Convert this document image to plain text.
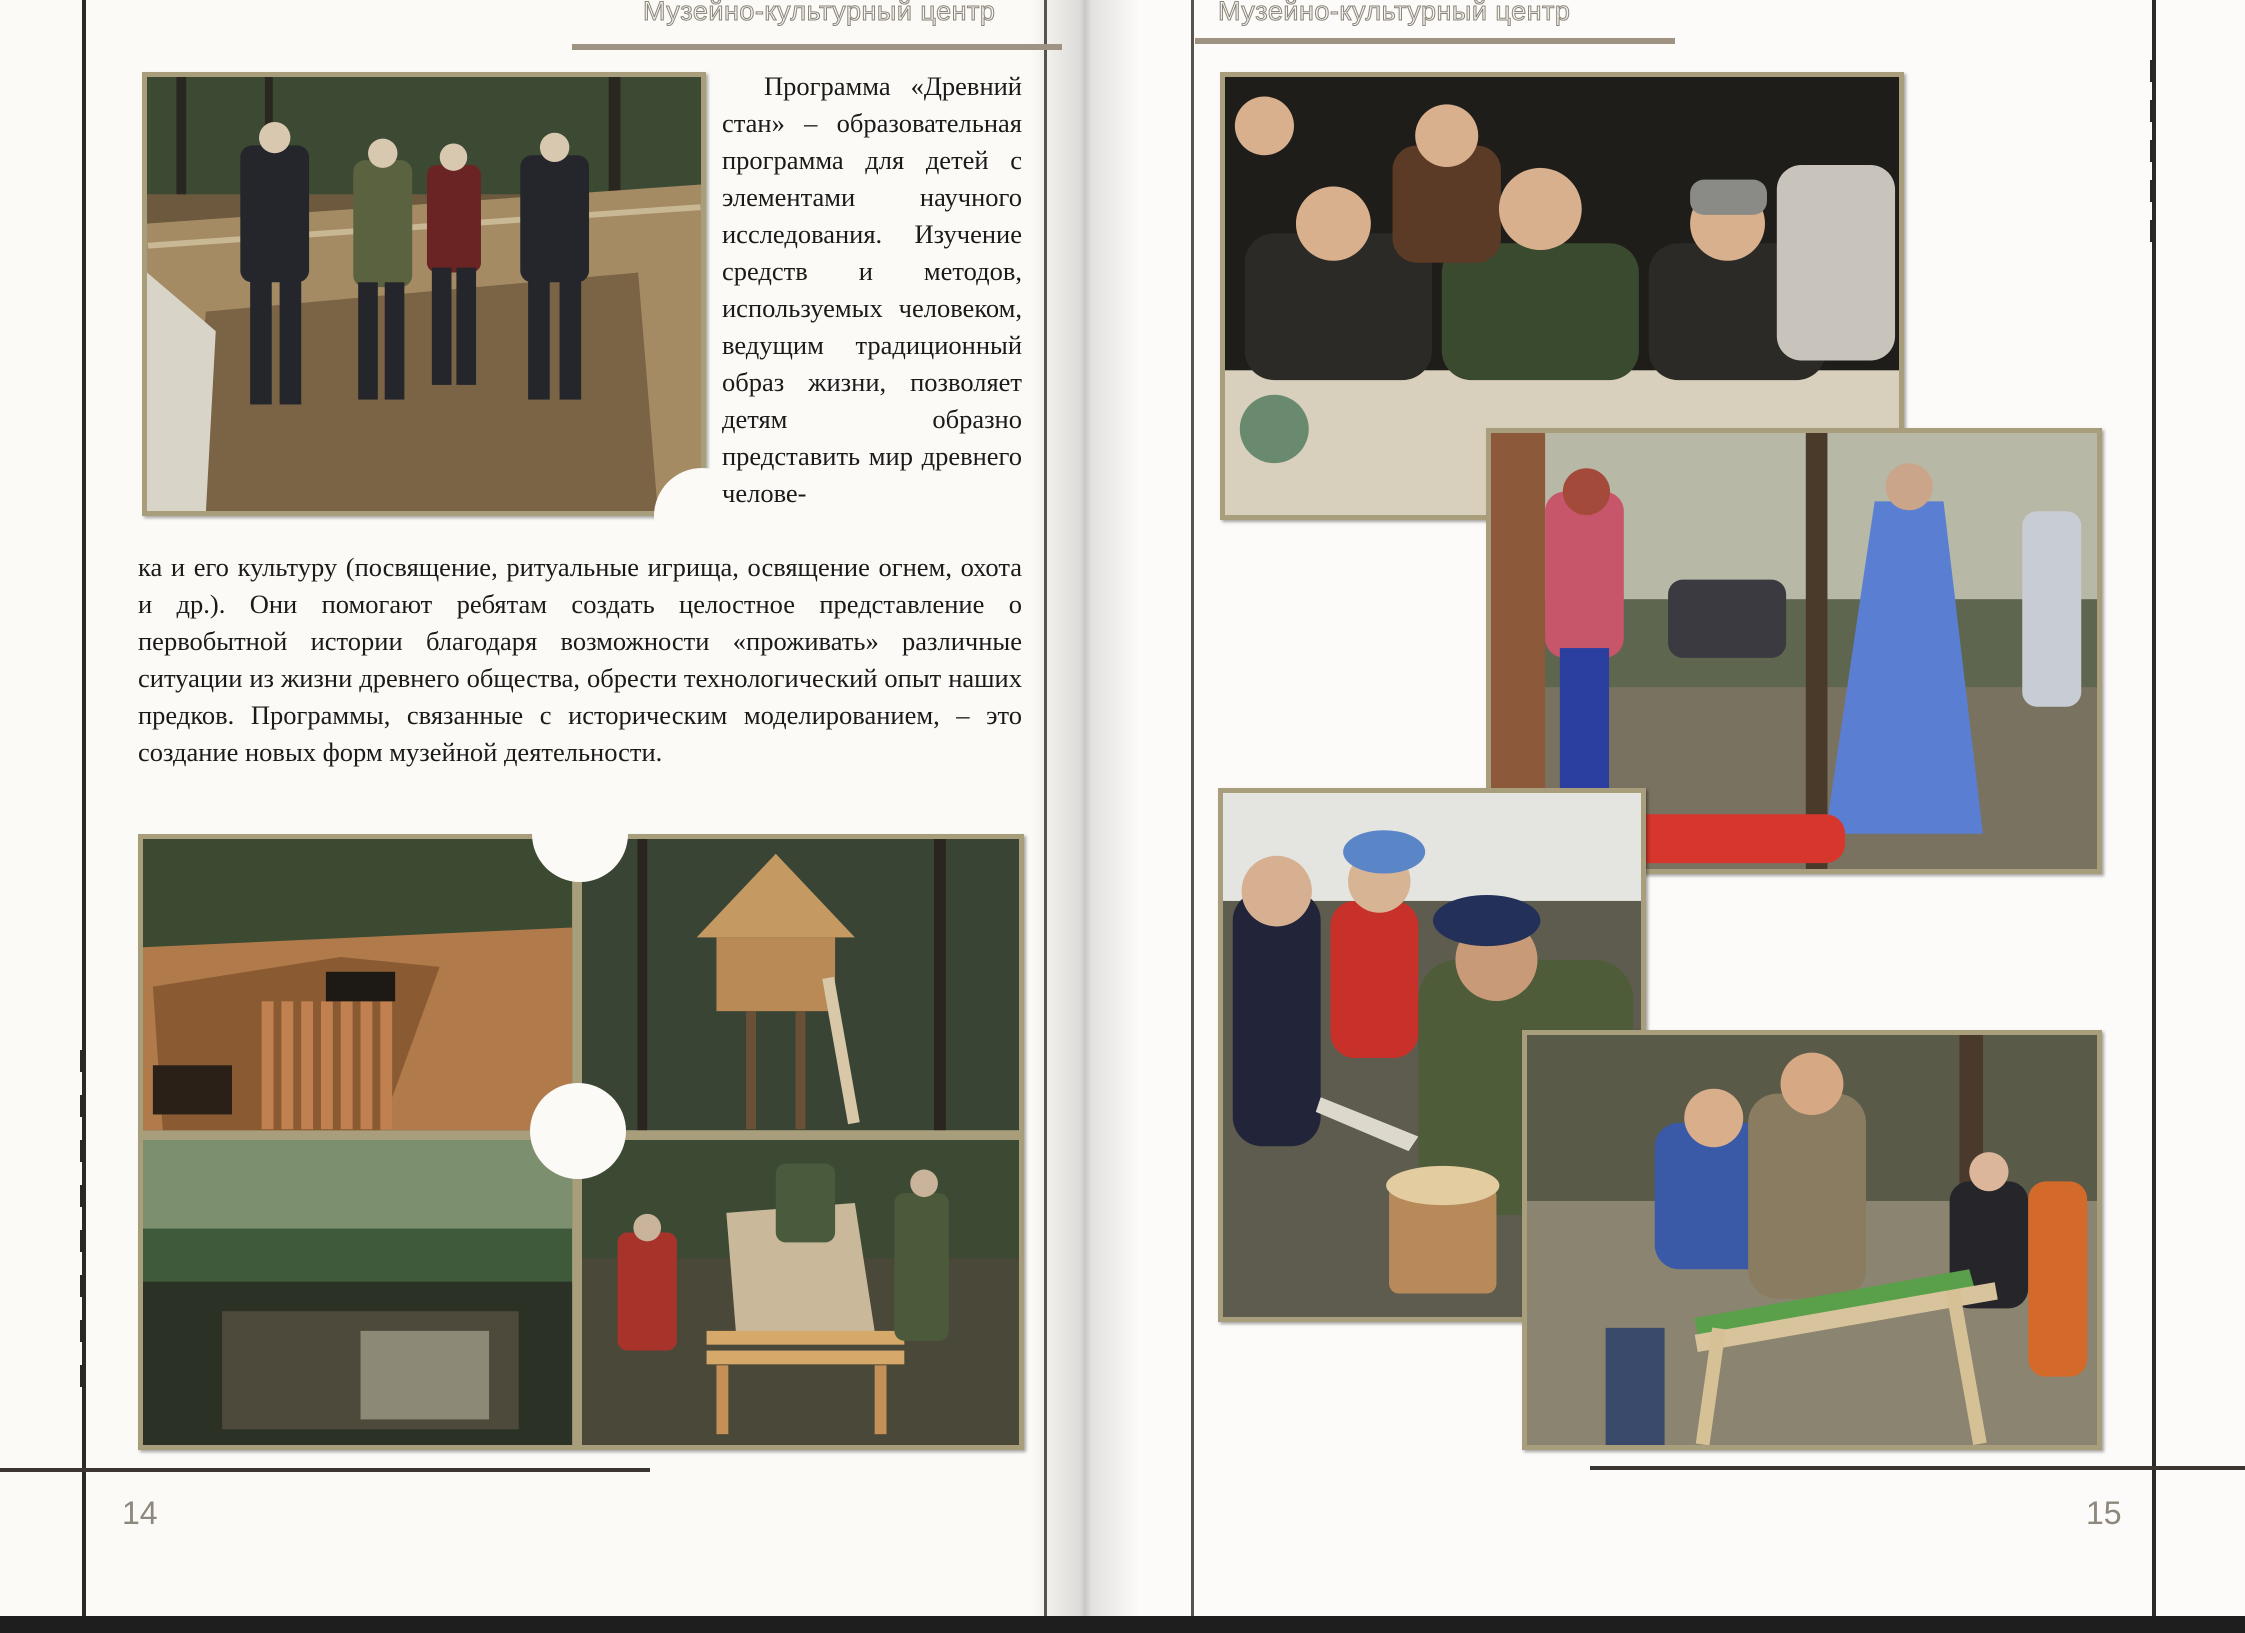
Музейно-культурный центр	Музейно-культурный центр

Программа «Древний стан» – образовательная программа для детей с элементами научного исследования. Изучение средств и методов, используемых человеком, ведущим традиционный образ жизни, позволяет детям образно представить мир древнего челове-

ка и его культуру (посвящение, ритуальные игрища, освящение огнем, охота и др.). Они помогают ребятам создать целостное представление о первобытной истории благодаря возможности «проживать» различные ситуации из жизни древнего общества, обрести технологический опыт наших предков. Программы, связанные с историческим моделированием, – это создание новых форм музейной деятельности.

14	15
